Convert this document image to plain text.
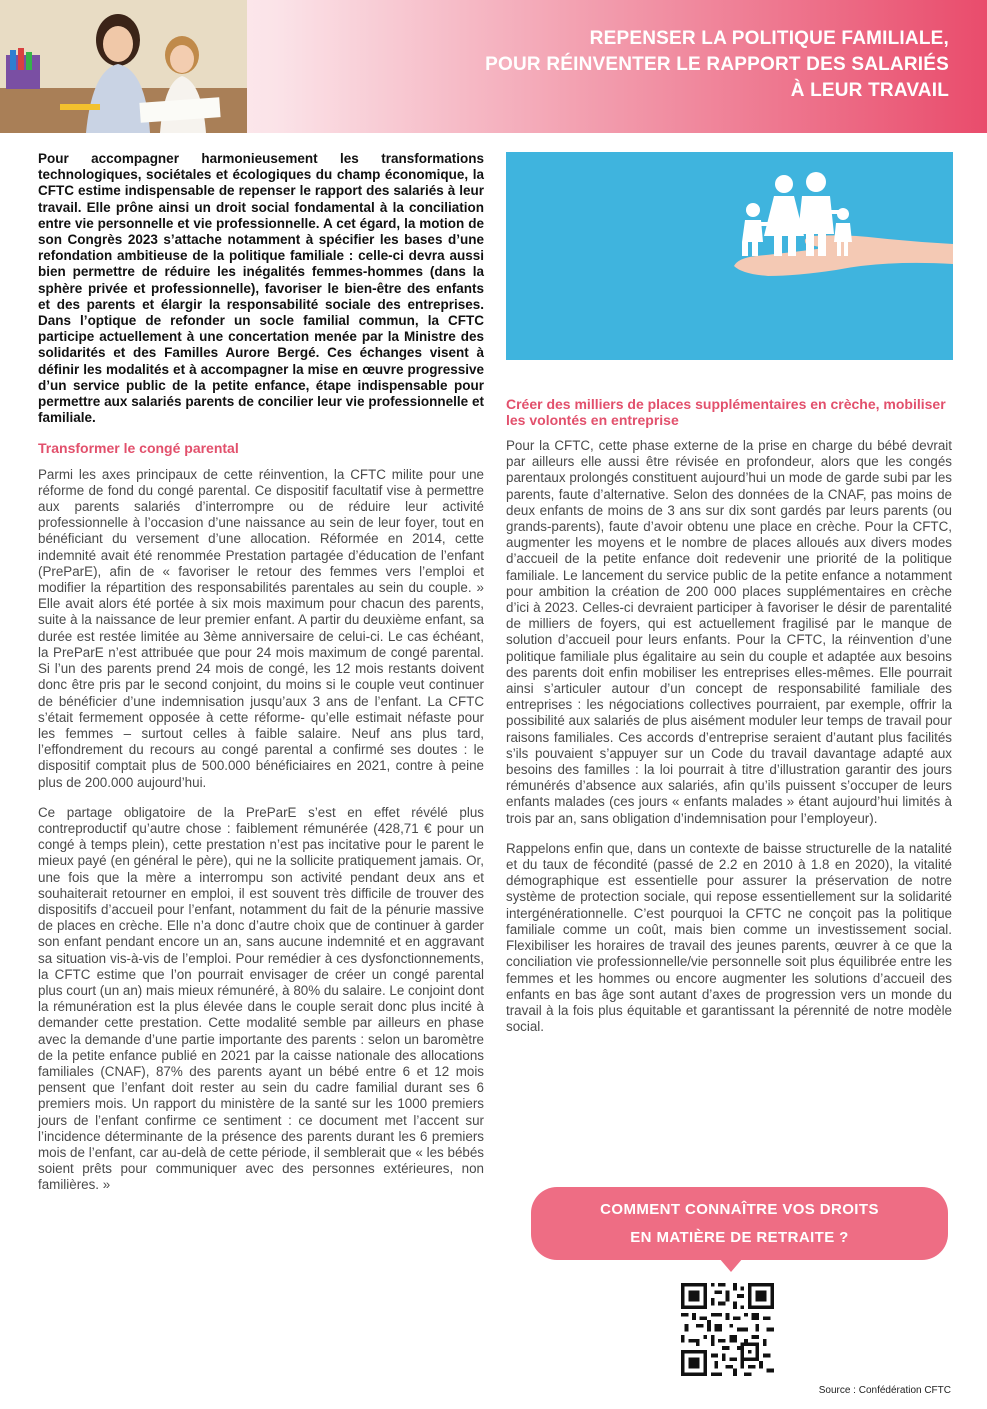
REPENSER LA POLITIQUE FAMILIALE,
POUR RÉINVENTER LE RAPPORT DES SALARIÉS
À LEUR TRAVAIL

Pour accompagner harmonieusement les transformations technologiques, sociétales et écologiques du champ économique, la CFTC estime indispensable de repenser le rapport des salariés à leur travail. Elle prône ainsi un droit social fondamental à la conciliation entre vie personnelle et vie professionnelle. A cet égard, la motion de son Congrès 2023 s’attache notamment à spécifier les bases d’une refondation ambitieuse de la politique familiale : celle-ci devra aussi bien permettre de réduire les inégalités femmes-hommes (dans la sphère privée et professionnelle), favoriser le bien-être des enfants et des parents et élargir la responsabilité sociale des entreprises. Dans l’optique de refonder un socle familial commun, la CFTC participe actuellement à une concertation menée par la Ministre des solidarités et des Familles Aurore Bergé. Ces échanges visent à définir les modalités et à accompagner la mise en œuvre progressive d’un service public de la petite enfance, étape indispensable pour permettre aux salariés parents de concilier leur vie professionnelle et familiale.

Transformer le congé parental

Parmi les axes principaux de cette réinvention, la CFTC milite pour une réforme de fond du congé parental. Ce dispositif facultatif vise à permettre aux parents salariés d’interrompre ou de réduire leur activité professionnelle à l’occasion d’une naissance au sein de leur foyer, tout en bénéficiant du versement d’une allocation. Réformée en 2014, cette indemnité avait été renommée Prestation partagée d’éducation de l’enfant (PreParE), afin de « favoriser le retour des femmes vers l’emploi et modifier la répartition des responsabilités parentales au sein du couple. » Elle avait alors été portée à six mois maximum pour chacun des parents, suite à la naissance de leur premier enfant. A partir du deuxième enfant, sa durée est restée limitée au 3ème anniversaire de celui-ci. Le cas échéant, la PreParE n’est attribuée que pour 24 mois maximum de congé parental. Si l’un des parents prend 24 mois de congé, les 12 mois restants doivent donc être pris par le second conjoint, du moins si le couple veut continuer de bénéficier d’une indemnisation jusqu’aux 3 ans de l’enfant. La CFTC s’était fermement opposée à cette réforme- qu’elle estimait néfaste pour les femmes – surtout celles à faible salaire. Neuf ans plus tard, l’effondrement du recours au congé parental a confirmé ses doutes : le dispositif comptait plus de 500.000 bénéficiaires en 2021, contre à peine plus de 200.000 aujourd’hui.

Ce partage obligatoire de la PreParE s’est en effet révélé plus contreproductif qu’autre chose : faiblement rémunérée (428,71 € pour un congé à temps plein), cette prestation n’est pas incitative pour le parent le mieux payé (en général le père), qui ne la sollicite pratiquement jamais. Or, une fois que la mère a interrompu son activité pendant deux ans et souhaiterait retourner en emploi, il est souvent très difficile de trouver des dispositifs d’accueil pour l’enfant, notamment du fait de la pénurie massive de places en crèche. Elle n’a donc d’autre choix que de continuer à garder son enfant pendant encore un an, sans aucune indemnité et en aggravant sa situation vis-à-vis de l’emploi. Pour remédier à ces dysfonctionnements, la CFTC estime que l’on pourrait envisager de créer un congé parental plus court (un an) mais mieux rémunéré, à 80% du salaire. Le conjoint dont la rémunération est la plus élevée dans le couple serait donc plus incité à demander cette prestation. Cette modalité semble par ailleurs en phase avec la demande d’une partie importante des parents : selon un baromètre de la petite enfance publié en 2021 par la caisse nationale des allocations familiales (CNAF), 87% des parents ayant un bébé entre 6 et 12 mois pensent que l’enfant doit rester au sein du cadre familial durant ses 6 premiers mois. Un rapport du ministère de la santé sur les 1000 premiers jours de l’enfant confirme ce sentiment : ce document met l’accent sur l’incidence déterminante de la présence des parents durant les 6 premiers mois de l’enfant, car au-delà de cette période, il semblerait que « les bébés soient prêts pour communiquer avec des personnes extérieures, non familières. »

Créer des milliers de places supplémentaires en crèche, mobiliser les volontés en entreprise

Pour la CFTC, cette phase externe de la prise en charge du bébé devrait par ailleurs elle aussi être révisée en profondeur, alors que les congés parentaux prolongés constituent aujourd’hui un mode de garde subi par les parents, faute d’alternative. Selon des données de la CNAF, pas moins de deux enfants de moins de 3 ans sur dix sont gardés par leurs parents (ou grands-parents), faute d’avoir obtenu une place en crèche. Pour la CFTC, augmenter les moyens et le nombre de places alloués aux divers modes d’accueil de la petite enfance doit redevenir une priorité de la politique familiale. Le lancement du service public de la petite enfance a notamment pour ambition la création de 200 000 places supplémentaires en crèche d’ici à 2023. Celles-ci devraient participer à favoriser le désir de parentalité de milliers de foyers, qui est actuellement fragilisé par le manque de solution d’accueil pour leurs enfants. Pour la CFTC, la réinvention d’une politique familiale plus égalitaire au sein du couple et adaptée aux besoins des parents doit enfin mobiliser les entreprises elles-mêmes. Elle pourrait ainsi s’articuler autour d’un concept de responsabilité familiale des entreprises : les négociations collectives pourraient, par exemple, offrir la possibilité aux salariés de plus aisément moduler leur temps de travail pour raisons familiales. Ces accords d’entreprise seraient d’autant plus facilités s’ils pouvaient s’appuyer sur un Code du travail davantage adapté aux besoins des familles : la loi pourrait à titre d’illustration garantir des jours rémunérés d’absence aux salariés, afin qu’ils puissent s’occuper de leurs enfants malades (ces jours « enfants malades » étant aujourd’hui limités à trois par an, sans obligation d’indemnisation pour l’employeur).

Rappelons enfin que, dans un contexte de baisse structurelle de la natalité et du taux de fécondité (passé de 2.2 en 2010 à 1.8 en 2020), la vitalité démographique est essentielle pour assurer la préservation de notre système de protection sociale, qui repose essentiellement sur la solidarité intergénérationnelle. C’est pourquoi la CFTC ne conçoit pas la politique familiale comme un coût, mais bien comme un investissement social. Flexibiliser les horaires de travail des jeunes parents, œuvrer à ce que la conciliation vie professionnelle/vie personnelle soit plus équilibrée entre les femmes et les hommes ou encore augmenter les solutions d’accueil des enfants en bas âge sont autant d’axes de progression vers un monde du travail à la fois plus équitable et garantissant la pérennité de notre modèle social.

COMMENT CONNAÎTRE VOS DROITS
EN MATIÈRE DE RETRAITE ?
Source : Confédération CFTC
